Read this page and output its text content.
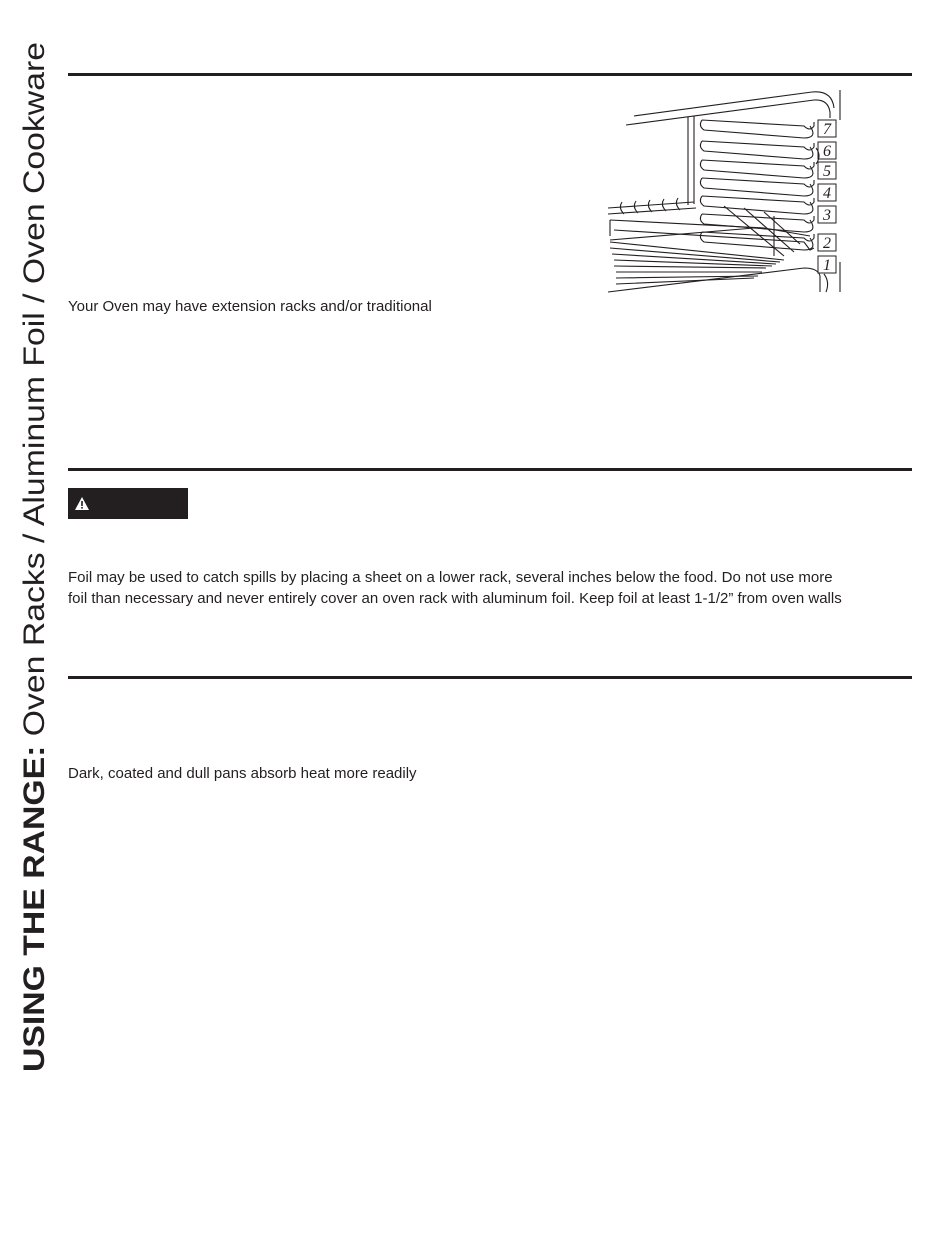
USING THE RANGE: Oven Racks / Aluminum Foil / Oven Cookware	7
6
5
4
3
2
1

Your Oven may have extension racks and/or traditional

Foil may be used to catch spills by placing a sheet on a lower rack, several inches below the food. Do not use more

foil than necessary and never entirely cover an oven rack with aluminum foil. Keep foil at least 1-1/2” from oven walls

Dark, coated and dull pans absorb heat more readily
